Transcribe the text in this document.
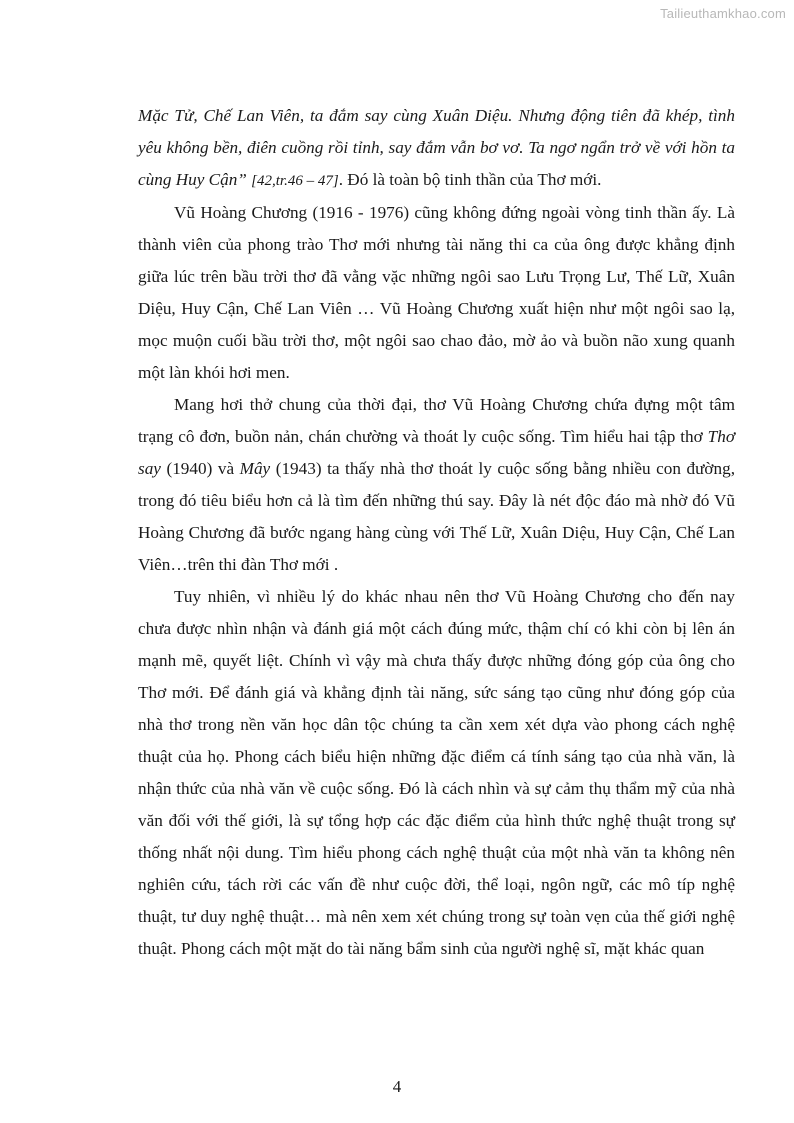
Tailieuthamkhao.com

Mặc Tử, Chế Lan Viên, ta đắm say cùng Xuân Diệu. Nhưng động tiên đã khép, tình yêu không bền, điên cuồng rồi tỉnh, say đắm vẫn bơ vơ. Ta ngơ ngẩn trở về với hồn ta cùng Huy Cận” [42,tr.46 – 47]. Đó là toàn bộ tinh thần của Thơ mới.

Vũ Hoàng Chương (1916 - 1976) cũng không đứng ngoài vòng tinh thần ấy. Là thành viên của phong trào Thơ mới nhưng tài năng thi ca của ông được khẳng định giữa lúc trên bầu trời thơ đã vằng vặc những ngôi sao Lưu Trọng Lư, Thế Lữ, Xuân Diệu, Huy Cận, Chế Lan Viên … Vũ Hoàng Chương xuất hiện như một ngôi sao lạ, mọc muộn cuối bầu trời thơ, một ngôi sao chao đảo, mờ ảo và buồn não xung quanh một làn khói hơi men.

Mang hơi thở chung của thời đại, thơ Vũ Hoàng Chương chứa đựng một tâm trạng cô đơn, buồn nản, chán chường và thoát ly cuộc sống. Tìm hiểu hai tập thơ Thơ say (1940) và Mây (1943) ta thấy nhà thơ thoát ly cuộc sống bằng nhiều con đường, trong đó tiêu biểu hơn cả là tìm đến những thú say. Đây là nét độc đáo mà nhờ đó Vũ Hoàng Chương đã bước ngang hàng cùng với Thế Lữ, Xuân Diệu, Huy Cận, Chế Lan Viên…trên thi đàn Thơ mới .

Tuy nhiên, vì nhiều lý do khác nhau nên thơ Vũ Hoàng Chương cho đến nay chưa được nhìn nhận và đánh giá một cách đúng mức, thậm chí có khi còn bị lên án mạnh mẽ, quyết liệt. Chính vì vậy mà chưa thấy được những đóng góp của ông cho Thơ mới. Để đánh giá và khẳng định tài năng, sức sáng tạo cũng như đóng góp của nhà thơ trong nền văn học dân tộc chúng ta cần xem xét dựa vào phong cách nghệ thuật của họ. Phong cách biểu hiện những đặc điểm cá tính sáng tạo của nhà văn, là nhận thức của nhà văn về cuộc sống. Đó là cách nhìn và sự cảm thụ thẩm mỹ của nhà văn đối với thế giới, là sự tổng hợp các đặc điểm của hình thức nghệ thuật trong sự thống nhất nội dung. Tìm hiểu phong cách nghệ thuật của một nhà văn ta không nên nghiên cứu, tách rời các vấn đề như cuộc đời, thể loại, ngôn ngữ, các mô típ nghệ thuật, tư duy nghệ thuật… mà nên xem xét chúng trong sự toàn vẹn của thế giới nghệ thuật. Phong cách một mặt do tài năng bẩm sinh của người nghệ sĩ, mặt khác quan

4
